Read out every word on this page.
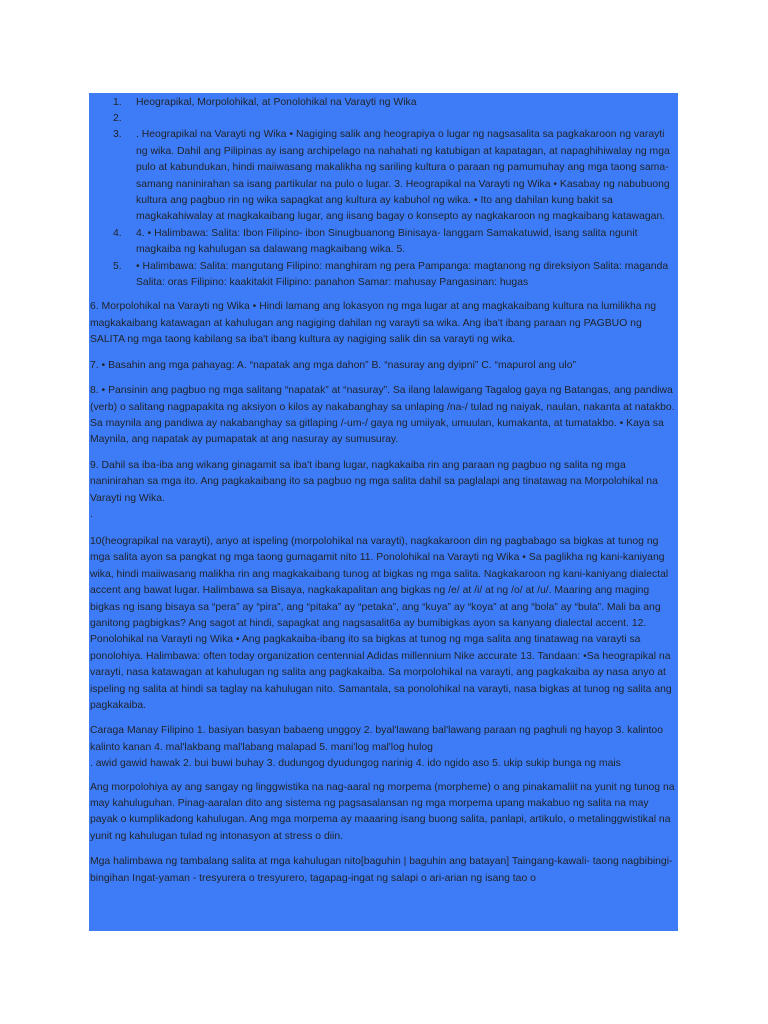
1. Heograpikal, Morpolohikal, at Ponolohikal na Varayti ng Wika
2.
3. . Heograpikal na Varayti ng Wika • Nagiging salik ang heograpiya o lugar ng nagsasalita sa pagkakaroon ng varayti ng wika. Dahil ang Pilipinas ay isang archipelago na nahahati ng katubigan at kapatagan, at napaghihiwalay ng mga pulo at kabundukan, hindi maiiwasang makalikha ng sariling kultura o paraan ng pamumuhay ang mga taong sama- samang naninirahan sa isang partikular na pulo o lugar. 3. Heograpikal na Varayti ng Wika • Kasabay ng nabubuong kultura ang pagbuo rin ng wika sapagkat ang kultura ay kabuhol ng wika. • Ito ang dahilan kung bakit sa magkakahiwalay at magkakaibang lugar, ang iisang bagay o konsepto ay nagkakaroon ng magkaibang katawagan.
4. 4. • Halimbawa: Salita: Ibon Filipino- ibon Sinugbuanong Binisaya- langgam Samakatuwid, isang salita ngunit magkaiba ng kahulugan sa dalawang magkaibang wika. 5.
5. • Halimbawa: Salita: mangutang Filipino: manghiram ng pera Pampanga: magtanong ng direksiyon Salita: maganda Salita: oras Filipino: kaakitakit Filipino: panahon Samar: mahusay Pangasinan: hugas

6. Morpolohikal na Varayti ng Wika • Hindi lamang ang lokasyon ng mga lugar at ang magkakaibang kultura na lumilikha ng magkakaibang katawagan at kahulugan ang nagiging dahilan ng varayti sa wika. Ang iba't ibang paraan ng PAGBUO ng SALITA ng mga taong kabilang sa iba't ibang kultura ay nagiging salik din sa varayti ng wika.

7. • Basahin ang mga pahayag: A. “napatak ang mga dahon” B. “nasuray ang dyipni” C. “mapurol ang ulo”

8. • Pansinin ang pagbuo ng mga salitang “napatak” at “nasuray”. Sa ilang lalawigang Tagalog gaya ng Batangas, ang pandiwa (verb) o salitang nagpapakita ng aksiyon o kilos ay nakabanghay sa unlaping /na-/ tulad ng naiyak, naulan, nakanta at natakbo. Sa maynila ang pandiwa ay nakabanghay sa gitlaping /-um-/ gaya ng umiiyak, umuulan, kumakanta, at tumatakbo. • Kaya sa Maynila, ang napatak ay pumapatak at ang nasuray ay sumusuray.

9. Dahil sa iba-iba ang wikang ginagamit sa iba't ibang lugar, nagkakaiba rin ang paraan ng pagbuo ng salita ng mga naninirahan sa mga ito. Ang pagkakaibang ito sa pagbuo ng mga salita dahil sa paglalapi ang tinatawag na Morpolohikal na Varayti ng Wika.

.

10(heograpikal na varayti), anyo at ispeling (morpolohikal na varayti), nagkakaroon din ng pagbabago sa bigkas at tunog ng mga salita ayon sa pangkat ng mga taong gumagamit nito 11. Ponolohikal na Varayti ng Wika • Sa paglikha ng kani-kaniyang wika, hindi maiiwasang malikha rin ang magkakaibang tunog at bigkas ng mga salita. Nagkakaroon ng kani-kaniyang dialectal accent ang bawat lugar. Halimbawa sa Bisaya, nagkakapalitan ang bigkas ng /e/ at /i/ at ng /o/ at /u/. Maaring ang maging bigkas ng isang bisaya sa “pera” ay “pira”, ang “pitaka” ay “petaka”, ang “kuya” ay “koya” at ang “bola” ay “bula”. Mali ba ang ganitong pagbigkas? Ang sagot at hindi, sapagkat ang nagsasalit6a ay bumibigkas ayon sa kanyang dialectal accent. 12. Ponolohikal na Varayti ng Wika • Ang pagkakaiba-ibang ito sa bigkas at tunog ng mga salita ang tinatawag na varayti sa ponolohiya. Halimbawa: often today organization centennial Adidas millennium Nike accurate 13. Tandaan: •Sa heograpikal na varayti, nasa katawagan at kahulugan ng salita ang pagkakaiba. Sa morpolohikal na varayti, ang pagkakaiba ay nasa anyo at ispeling ng salita at hindi sa taglay na kahulugan nito. Samantala, sa ponolohikal na varayti, nasa bigkas at tunog ng salita ang pagkakaiba.

Caraga Manay Filipino 1. basiyan basyan babaeng unggoy 2. byal'lawang bal'lawang paraan ng paghuli ng hayop 3. kalintoo kalinto kanan 4. mal'lakbang mal'labang malapad 5. mani'log mal'log hulog

. awid gawid hawak 2. bui buwi buhay 3. dudungog dyudungog narinig 4. ido ngido aso 5. ukip sukip bunga ng mais

Ang morpolohiya ay ang sangay ng linggwistika na nag-aaral ng morpema (morpheme) o ang pinakamaliit na yunit ng tunog na may kahuluguhan. Pinag-aaralan dito ang sistema ng pagsasalansan ng mga morpema upang makabuo ng salita na may payak o kumplikadong kahulugan. Ang mga morpema ay maaaring isang buong salita, panlapi, artikulo, o metalinggwistikal na yunit ng kahulugan tulad ng intonasyon at stress o diin.

Mga halimbawa ng tambalang salita at mga kahulugan nito[baguhin | baguhin ang batayan] Taingang-kawali- taong nagbibingi-bingihan Ingat-yaman - tresyurera o tresyurero, tagapag-ingat ng salapi o ari-arian ng isang tao o
